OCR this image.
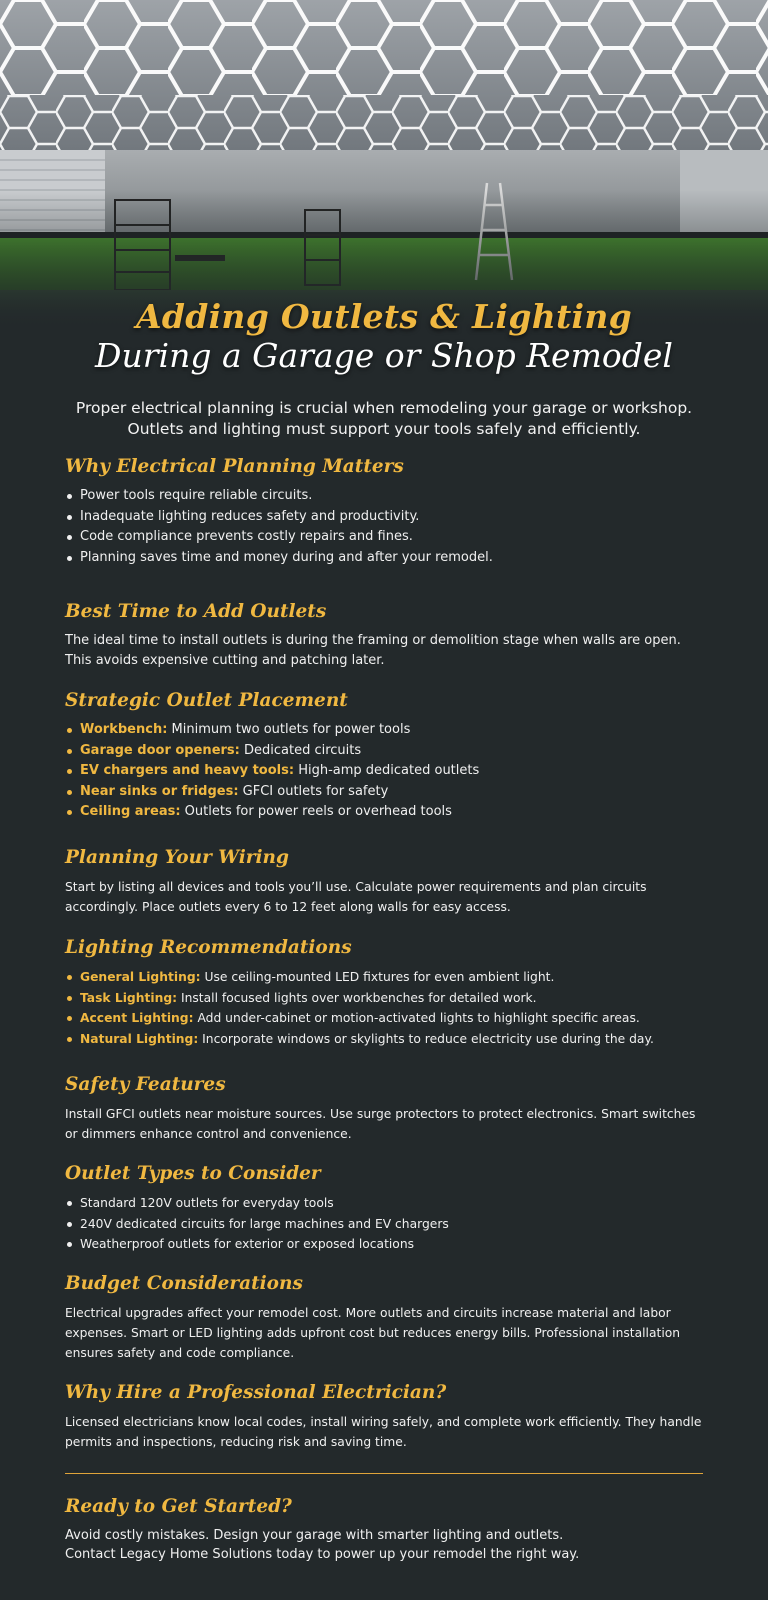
Adding Outlets & Lighting
During a Garage or Shop Remodel
Proper electrical planning is crucial when remodeling your garage or workshop. Outlets and lighting must support your tools safely and efficiently.
Why Electrical Planning Matters
Power tools require reliable circuits.
Inadequate lighting reduces safety and productivity.
Code compliance prevents costly repairs and fines.
Planning saves time and money during and after your remodel.
Best Time to Add Outlets

The ideal time to install outlets is during the framing or demolition stage when walls are open. This avoids expensive cutting and patching later.

Strategic Outlet Placement
Workbench: Minimum two outlets for power tools
Garage door openers: Dedicated circuits
EV chargers and heavy tools: High-amp dedicated outlets
Near sinks or fridges: GFCI outlets for safety
Ceiling areas: Outlets for power reels or overhead tools
Planning Your Wiring

Start by listing all devices and tools you’ll use. Calculate power requirements and plan circuits accordingly. Place outlets every 6 to 12 feet along walls for easy access.

Lighting Recommendations
General Lighting: Use ceiling-mounted LED fixtures for even ambient light.
Task Lighting: Install focused lights over workbenches for detailed work.
Accent Lighting: Add under-cabinet or motion-activated lights to highlight specific areas.
Natural Lighting: Incorporate windows or skylights to reduce electricity use during the day.
Safety Features

Install GFCI outlets near moisture sources. Use surge protectors to protect electronics. Smart switches or dimmers enhance control and convenience.

Outlet Types to Consider
Standard 120V outlets for everyday tools
240V dedicated circuits for large machines and EV chargers
Weatherproof outlets for exterior or exposed locations
Budget Considerations

Electrical upgrades affect your remodel cost. More outlets and circuits increase material and labor expenses. Smart or LED lighting adds upfront cost but reduces energy bills. Professional installation ensures safety and code compliance.

Why Hire a Professional Electrician?

Licensed electricians know local codes, install wiring safely, and complete work efficiently. They handle permits and inspections, reducing risk and saving time.

Ready to Get Started?

Avoid costly mistakes. Design your garage with smarter lighting and outlets.
Contact Legacy Home Solutions today to power up your remodel the right way.
